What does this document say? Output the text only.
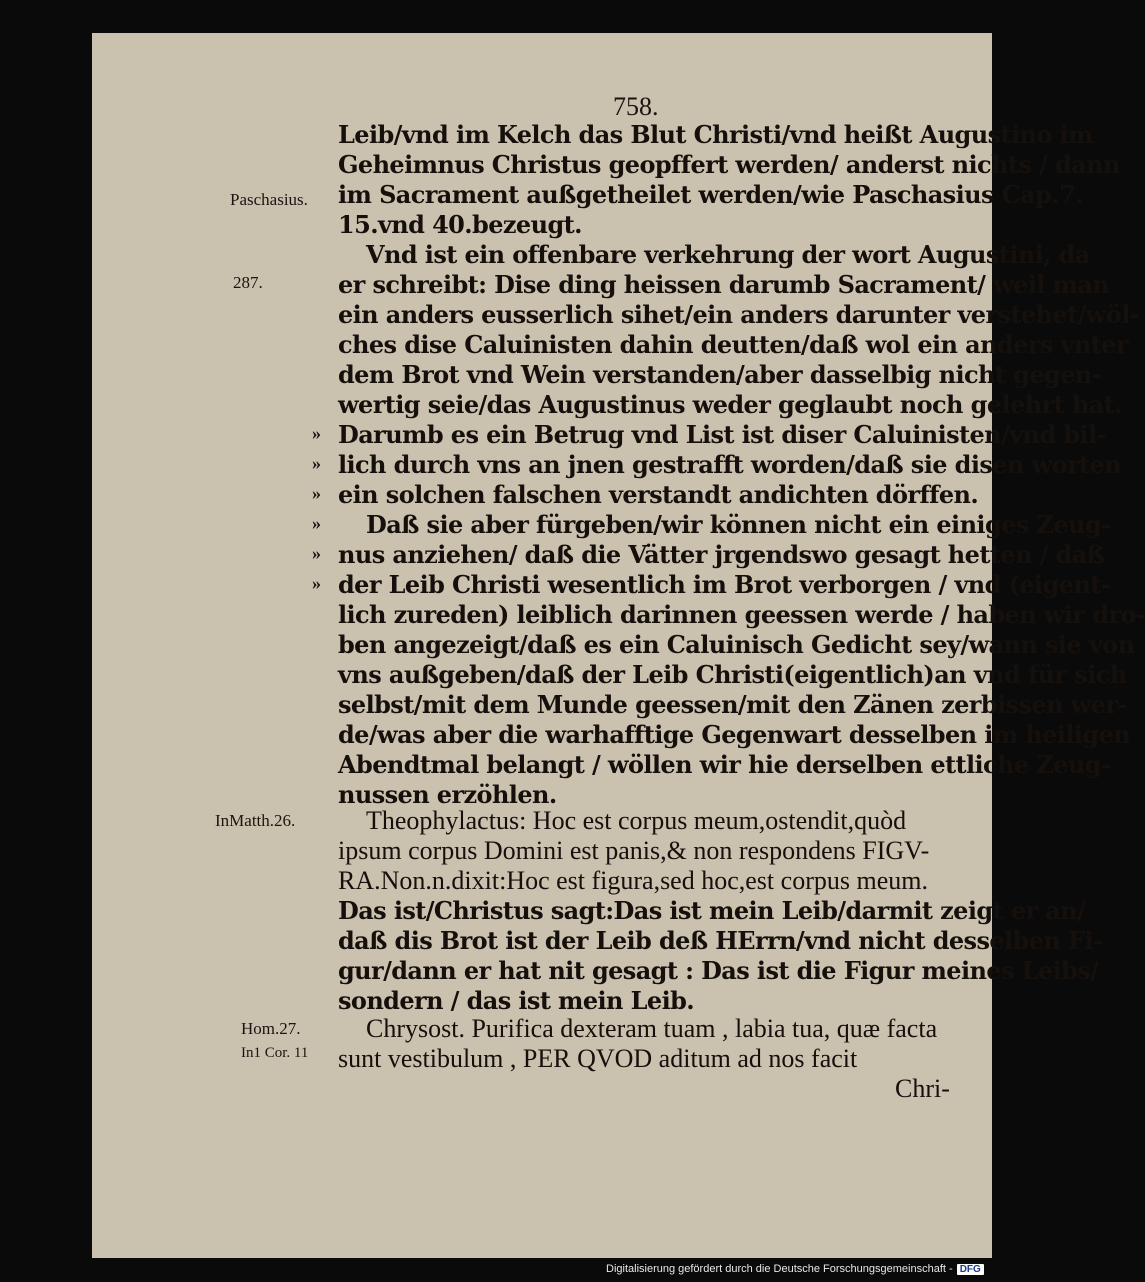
758.
Paschasius.
287.
InMatth.26.
Hom.27.
In1 Cor. 11
»
»
»
»
»
»

Leib/vnd im Kelch das Blut Christi/vnd heißt Augustino im

Geheimnus Christus geopffert werden/ anderst nichts / dann

im Sacrament außgetheilet werden/wie Paschasius Cap.7.

15.vnd 40.bezeugt.

Vnd ist ein offenbare verkehrung der wort Augustini, da

er schreibt: Dise ding heissen darumb Sacrament/ weil man

ein anders eusserlich sihet/ein anders darunter verstehet/wöl-

ches dise Caluinisten dahin deutten/daß wol ein anders vnter

dem Brot vnd Wein verstanden/aber dasselbig nicht gegen-

wertig seie/das Augustinus weder geglaubt noch gelehrt hat.

Darumb es ein Betrug vnd List ist diser Caluinisten/vnd bil-

lich durch vns an jnen gestrafft worden/daß sie disen worten

ein solchen falschen verstandt andichten dörffen.

Daß sie aber fürgeben/wir können nicht ein einiges Zeug-

nus anziehen/ daß die Vätter jrgendswo gesagt hetten / daß

der Leib Christi wesentlich im Brot verborgen / vnd (eigent-

lich zureden) leiblich darinnen geessen werde / haben wir dro-

ben angezeigt/daß es ein Caluinisch Gedicht sey/wann sie von

vns außgeben/daß der Leib Christi(eigentlich)an vnd für sich

selbst/mit dem Munde geessen/mit den Zänen zerbissen wer-

de/was aber die warhafftige Gegenwart desselben im heiligen

Abendtmal belangt / wöllen wir hie derselben ettliche Zeug-

nussen erzöhlen.

Theophylactus: Hoc est corpus meum,ostendit,quòd

ipsum corpus Domini est panis,& non respondens FIGV-

RA.Non.n.dixit:Hoc est figura,sed hoc,est corpus meum.

Das ist/Christus sagt:Das ist mein Leib/darmit zeigt er an/

daß dis Brot ist der Leib deß HErrn/vnd nicht desselben Fi-

gur/dann er hat nit gesagt : Das ist die Figur meines Leibs/

sondern / das ist mein Leib.

Chrysost. Purifica dexteram tuam , labia tua, quæ facta

sunt vestibulum , PER QVOD aditum ad nos facit

Chri-

Digitalisierung gefördert durch die Deutsche Forschungsgemeinschaft - DFG
